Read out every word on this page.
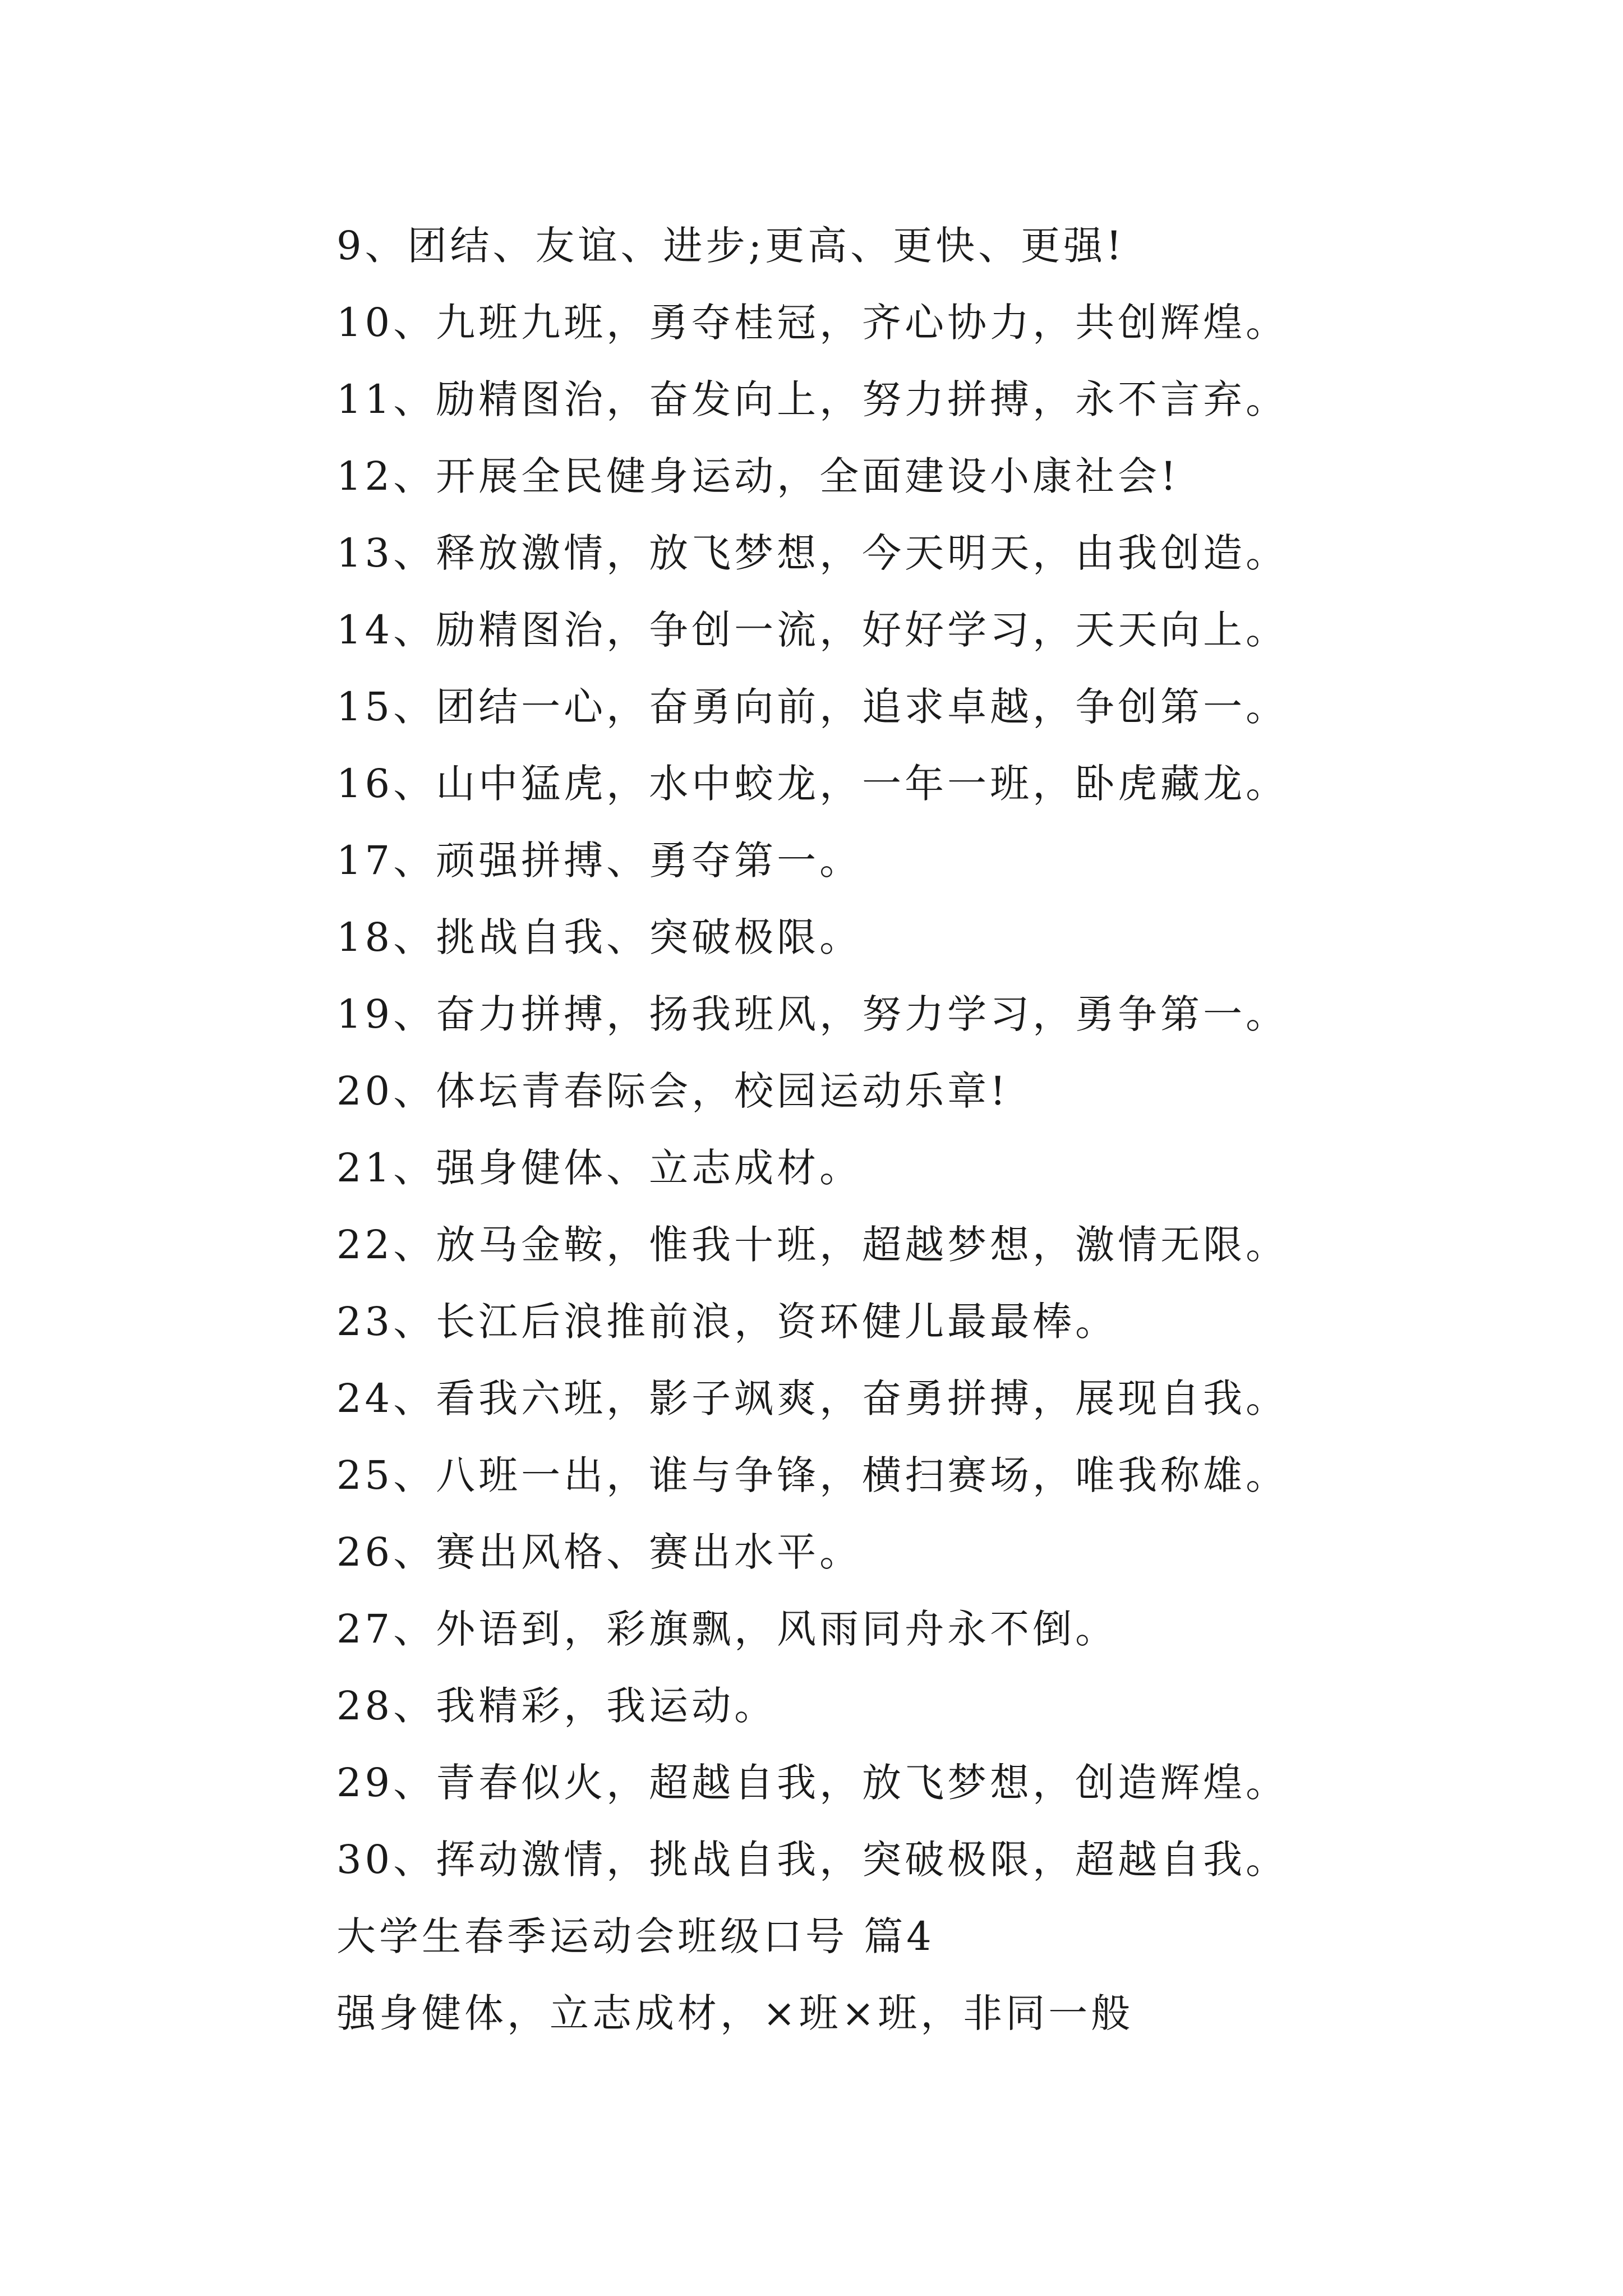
9、团结、友谊、进步;更高、更快、更强!
10、九班九班，勇夺桂冠，齐心协力，共创辉煌。
11、励精图治，奋发向上，努力拼搏，永不言弃。
12、开展全民健身运动，全面建设小康社会!
13、释放激情，放飞梦想，今天明天，由我创造。
14、励精图治，争创一流，好好学习，天天向上。
15、团结一心，奋勇向前，追求卓越，争创第一。
16、山中猛虎，水中蛟龙，一年一班，卧虎藏龙。
17、顽强拼搏、勇夺第一。
18、挑战自我、突破极限。
19、奋力拼搏，扬我班风，努力学习，勇争第一。
20、体坛青春际会，校园运动乐章!
21、强身健体、立志成材。
22、放马金鞍，惟我十班，超越梦想，激情无限。
23、长江后浪推前浪，资环健儿最最棒。
24、看我六班，影子飒爽，奋勇拼搏，展现自我。
25、八班一出，谁与争锋，横扫赛场，唯我称雄。
26、赛出风格、赛出水平。
27、外语到，彩旗飘，风雨同舟永不倒。
28、我精彩，我运动。
29、青春似火，超越自我，放飞梦想，创造辉煌。
30、挥动激情，挑战自我，突破极限，超越自我。
大学生春季运动会班级口号 篇4
强身健体，立志成材，×班×班，非同一般
